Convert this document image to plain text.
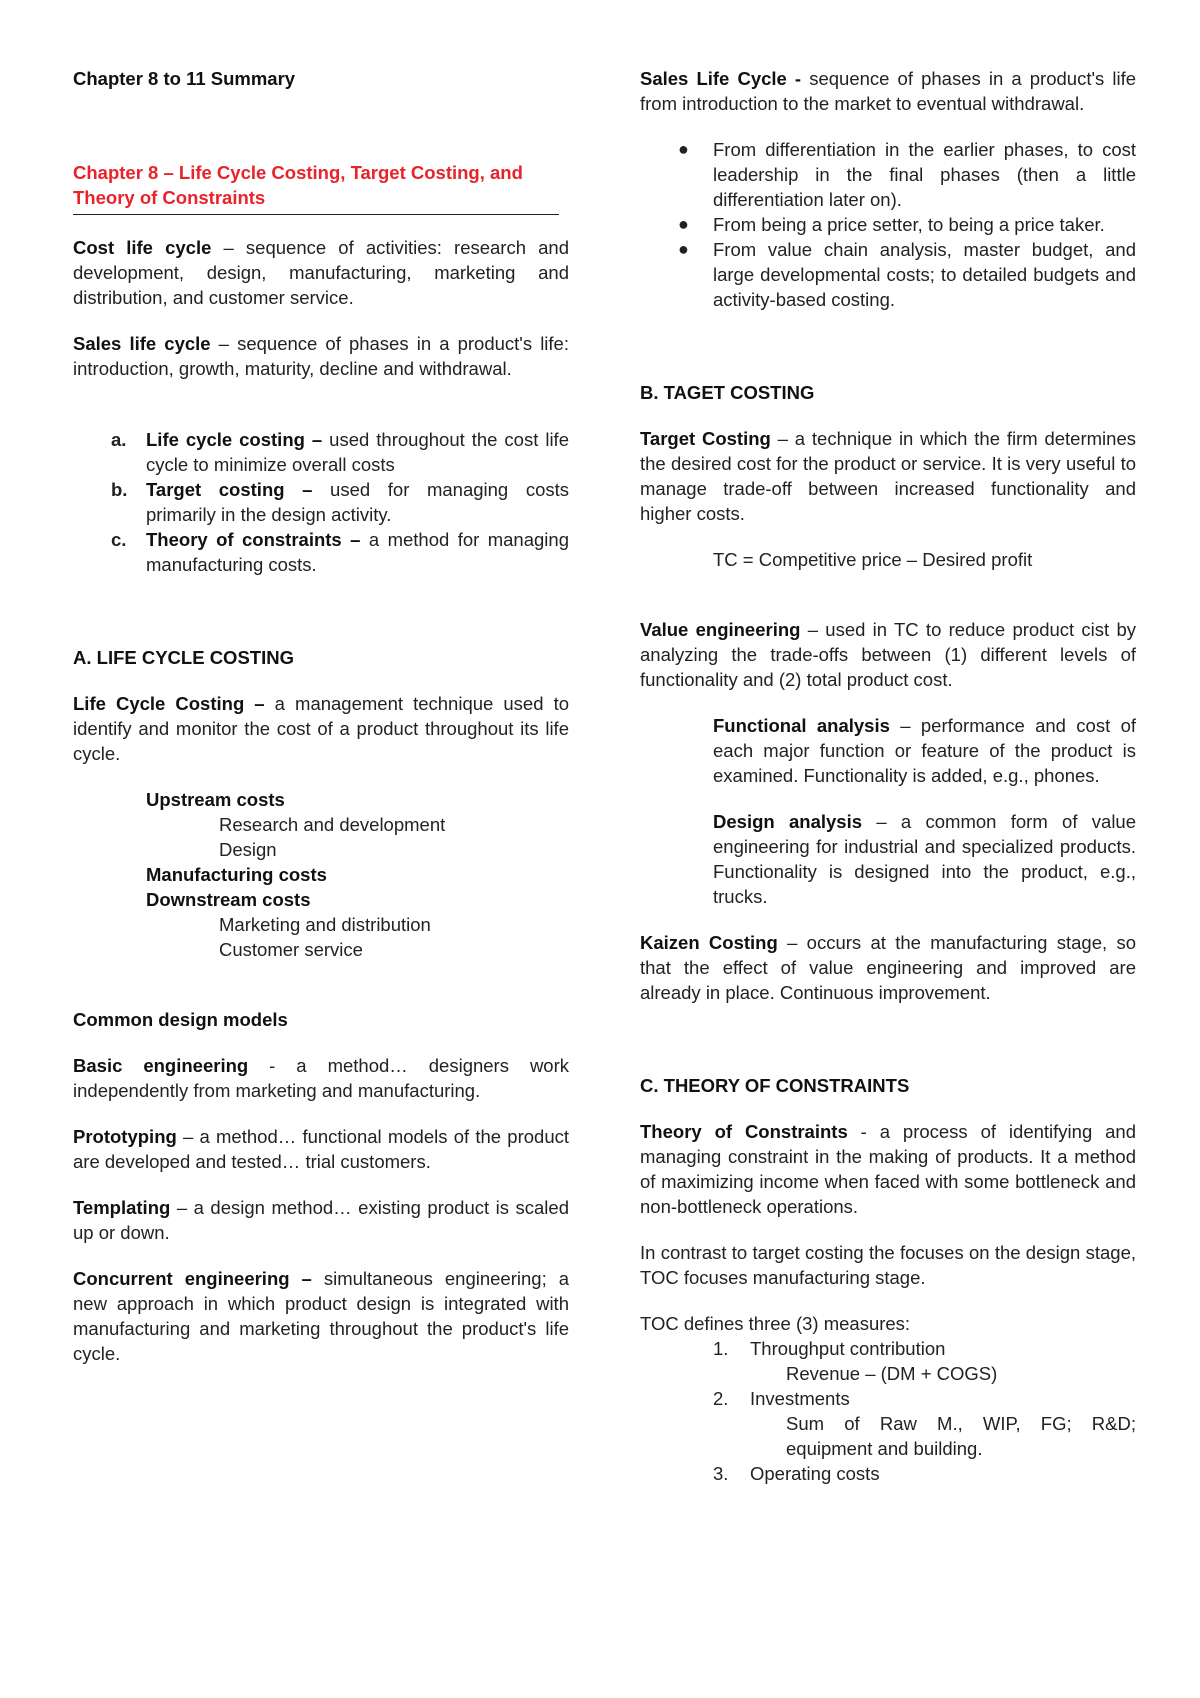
Chapter 8 to 11 Summary

Chapter 8 – Life Cycle Costing, Target Costing, and Theory of Constraints

Cost life cycle – sequence of activities: research and development, design, manufacturing, marketing and distribution, and customer service.

Sales life cycle – sequence of phases in a product's life: introduction, growth, maturity, decline and withdrawal.

a. Life cycle costing – used throughout the cost life cycle to minimize overall costs
b. Target costing – used for managing costs primarily in the design activity.
c. Theory of constraints – a method for managing manufacturing costs.

A. LIFE CYCLE COSTING

Life Cycle Costing – a management technique used to identify and monitor the cost of a product throughout its life cycle.

Upstream costs

Research and development

Design

Manufacturing costs

Downstream costs

Marketing and distribution

Customer service

Common design models

Basic engineering - a method… designers work independently from marketing and manufacturing.

Prototyping – a method… functional models of the product are developed and tested… trial customers.

Templating – a design method… existing product is scaled up or down.

Concurrent engineering – simultaneous engineering; a new approach in which product design is integrated with manufacturing and marketing throughout the product's life cycle.

Sales Life Cycle - sequence of phases in a product's life from introduction to the market to eventual withdrawal.

● From differentiation in the earlier phases, to cost leadership in the final phases (then a little differentiation later on).
● From being a price setter, to being a price taker.
● From value chain analysis, master budget, and large developmental costs; to detailed budgets and activity-based costing.

B. TAGET COSTING

Target Costing – a technique in which the firm determines the desired cost for the product or service. It is very useful to manage trade-off between increased functionality and higher costs.

TC = Competitive price – Desired profit

Value engineering – used in TC to reduce product cist by analyzing the trade-offs between (1) different levels of functionality and (2) total product cost.

Functional analysis – performance and cost of each major function or feature of the product is examined. Functionality is added, e.g., phones.

Design analysis – a common form of value engineering for industrial and specialized products. Functionality is designed into the product, e.g., trucks.

Kaizen Costing – occurs at the manufacturing stage, so that the effect of value engineering and improved are already in place. Continuous improvement.

C. THEORY OF CONSTRAINTS

Theory of Constraints - a process of identifying and managing constraint in the making of products. It a method of maximizing income when faced with some bottleneck and non-bottleneck operations.

In contrast to target costing the focuses on the design stage, TOC focuses manufacturing stage.

TOC defines three (3) measures:

1. Throughput contribution

Revenue – (DM + COGS)

2. Investments

Sum of Raw M., WIP, FG; R&D; equipment and building.

3. Operating costs
